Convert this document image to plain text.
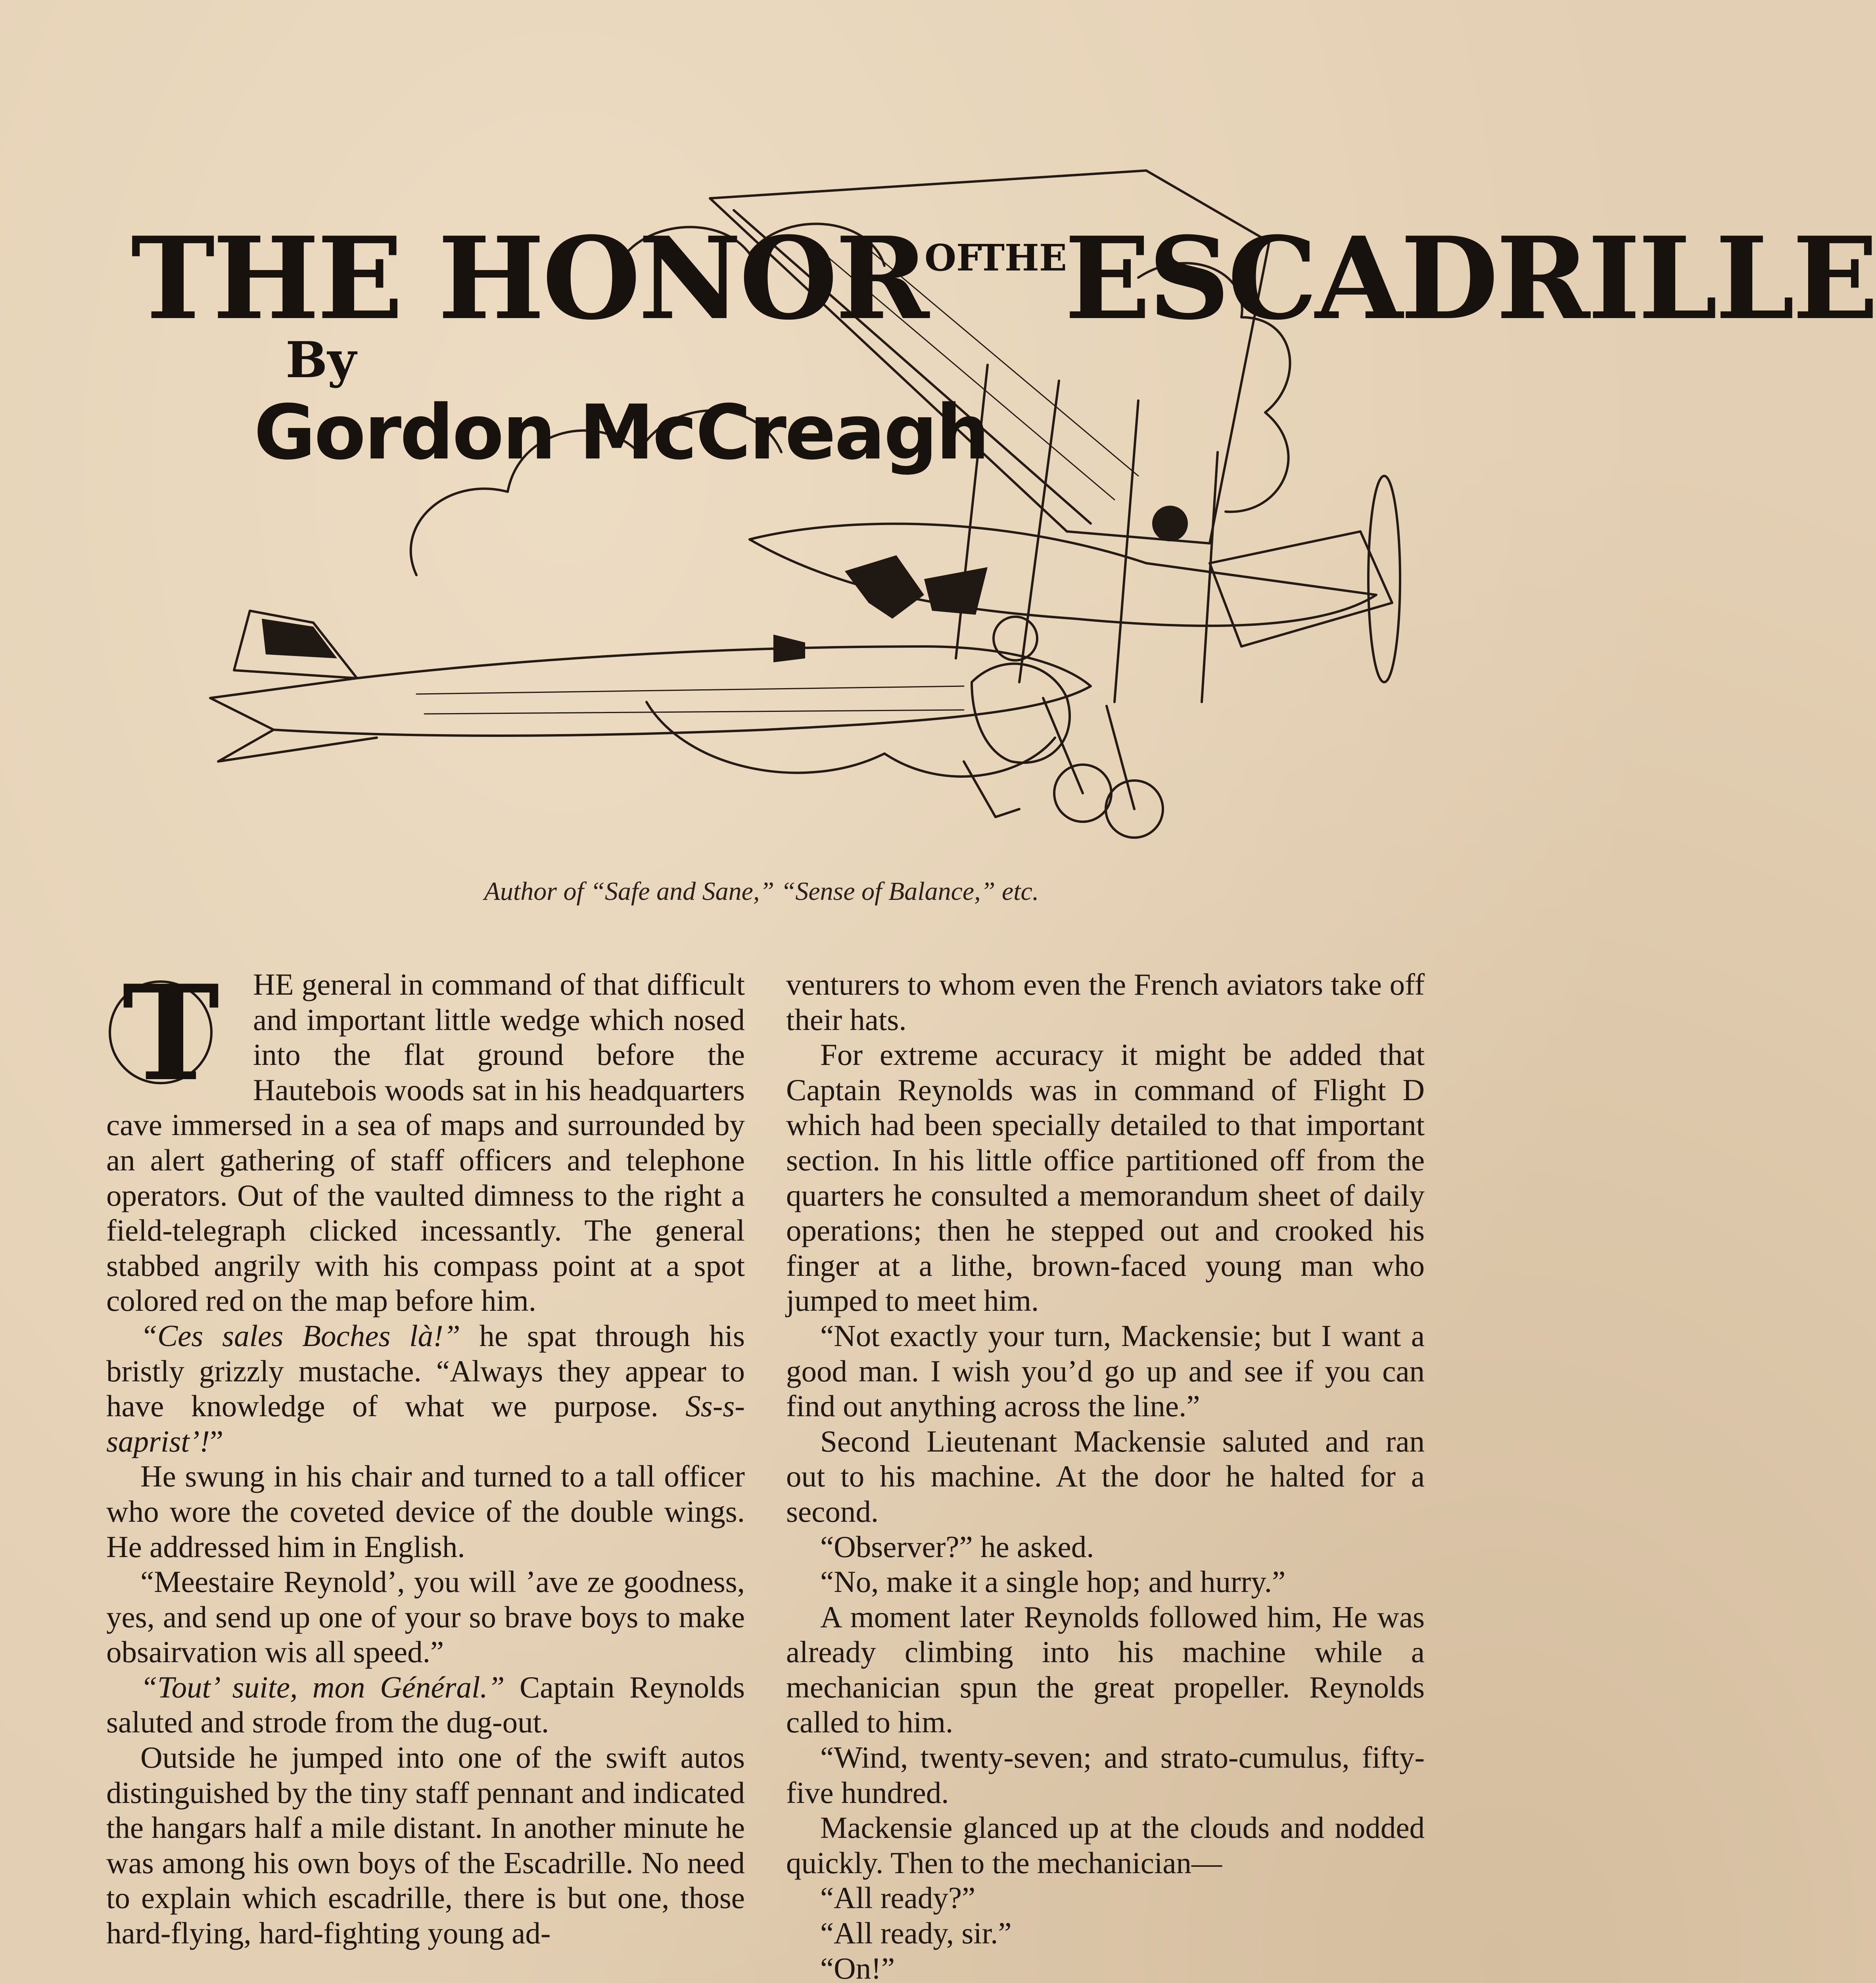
THE $HONOR^{OFTHE}ESCADRILLE$
By
Gordon McCreagh
Author of “Safe and Sane,” “Sense of Balance,” etc.
T	HE general in command of that difficult and important little wedge which nosed into the flat ground before the Hautebois woods sat in his headquarters cave immersed in a sea of maps and surrounded by an alert gathering of staff officers and telephone operators. Out of the vaulted dimness to the right a field-telegraph clicked incessantly. The general stabbed angrily with his compass point at a spot colored red on the map before him.

“Ces sales Boches là!” he spat through his bristly grizzly mustache. “Always they appear to have knowledge of what we purpose. Ss-s-saprist’!”

He swung in his chair and turned to a tall officer who wore the coveted device of the double wings. He addressed him in English.

“Meestaire Reynold’, you will ’ave ze goodness, yes, and send up one of your so brave boys to make obsairvation wis all speed.”

“Tout’ suite, mon Général.” Captain Reynolds saluted and strode from the dug-out.

Outside he jumped into one of the swift autos distinguished by the tiny staff pennant and indicated the hangars half a mile distant. In another minute he was among his own boys of the Escadrille. No need to explain which escadrille, there is but one, those hard-flying, hard-fighting young ad-

venturers to whom even the French aviators take off their hats.

For extreme accuracy it might be added that Captain Reynolds was in command of Flight D which had been specially detailed to that important section. In his little office partitioned off from the quarters he consulted a memorandum sheet of daily operations; then he stepped out and crooked his finger at a lithe, brown-faced young man who jumped to meet him.

“Not exactly your turn, Mackensie; but I want a good man. I wish you’d go up and see if you can find out anything across the line.”

Second Lieutenant Mackensie saluted and ran out to his machine. At the door he halted for a second.

“Observer?” he asked.

“No, make it a single hop; and hurry.”

A moment later Reynolds followed him, He was already climbing into his machine while a mechanician spun the great propeller. Reynolds called to him.

“Wind, twenty-seven; and strato-cumulus, fifty-five hundred.

Mackensie glanced up at the clouds and nodded quickly. Then to the mechanician—

“All ready?”

“All ready, sir.”

“On!”
